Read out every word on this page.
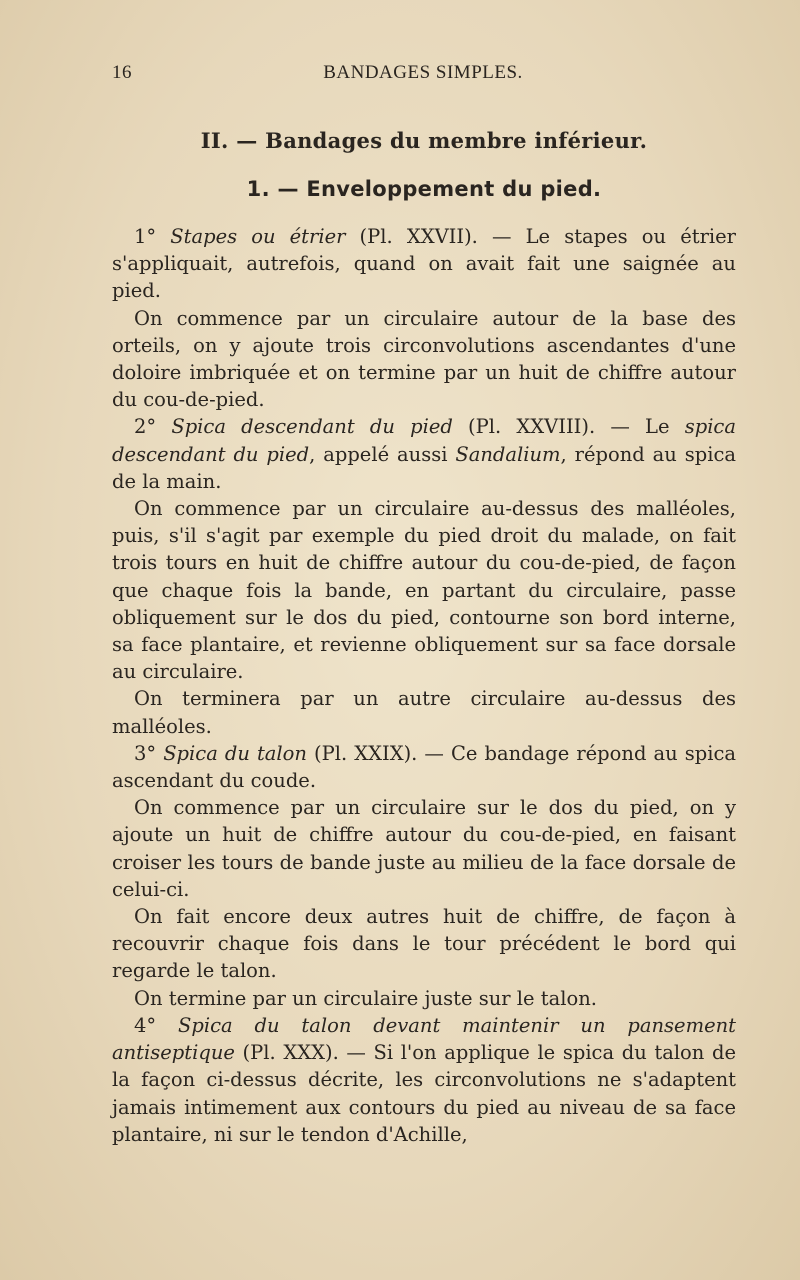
16	BANDAGES SIMPLES.
II. — Bandages du membre inférieur.
1. — Enveloppement du pied.

1° Stapes ou étrier (Pl. XXVII). — Le stapes ou étrier s'appliquait, autrefois, quand on avait fait une saignée au pied.

On commence par un circulaire autour de la base des orteils, on y ajoute trois circonvolutions ascendantes d'une doloire imbriquée et on termine par un huit de chiffre autour du cou-de-pied.

2° Spica descendant du pied (Pl. XXVIII). — Le spica descendant du pied, appelé aussi Sandalium, répond au spica de la main.

On commence par un circulaire au-dessus des malléoles, puis, s'il s'agit par exemple du pied droit du malade, on fait trois tours en huit de chiffre autour du cou-de-pied, de façon que chaque fois la bande, en partant du circulaire, passe obliquement sur le dos du pied, contourne son bord interne, sa face plantaire, et revienne obliquement sur sa face dorsale au circulaire.

On terminera par un autre circulaire au-dessus des malléoles.

3° Spica du talon (Pl. XXIX). — Ce bandage répond au spica ascendant du coude.

On commence par un circulaire sur le dos du pied, on y ajoute un huit de chiffre autour du cou-de-pied, en faisant croiser les tours de bande juste au milieu de la face dorsale de celui-ci.

On fait encore deux autres huit de chiffre, de façon à recouvrir chaque fois dans le tour précédent le bord qui regarde le talon.

On termine par un circulaire juste sur le talon.

4° Spica du talon devant maintenir un pansement antiseptique (Pl. XXX). — Si l'on applique le spica du talon de la façon ci-dessus décrite, les circonvolutions ne s'adaptent jamais intimement aux contours du pied au niveau de sa face plantaire, ni sur le tendon d'Achille,
